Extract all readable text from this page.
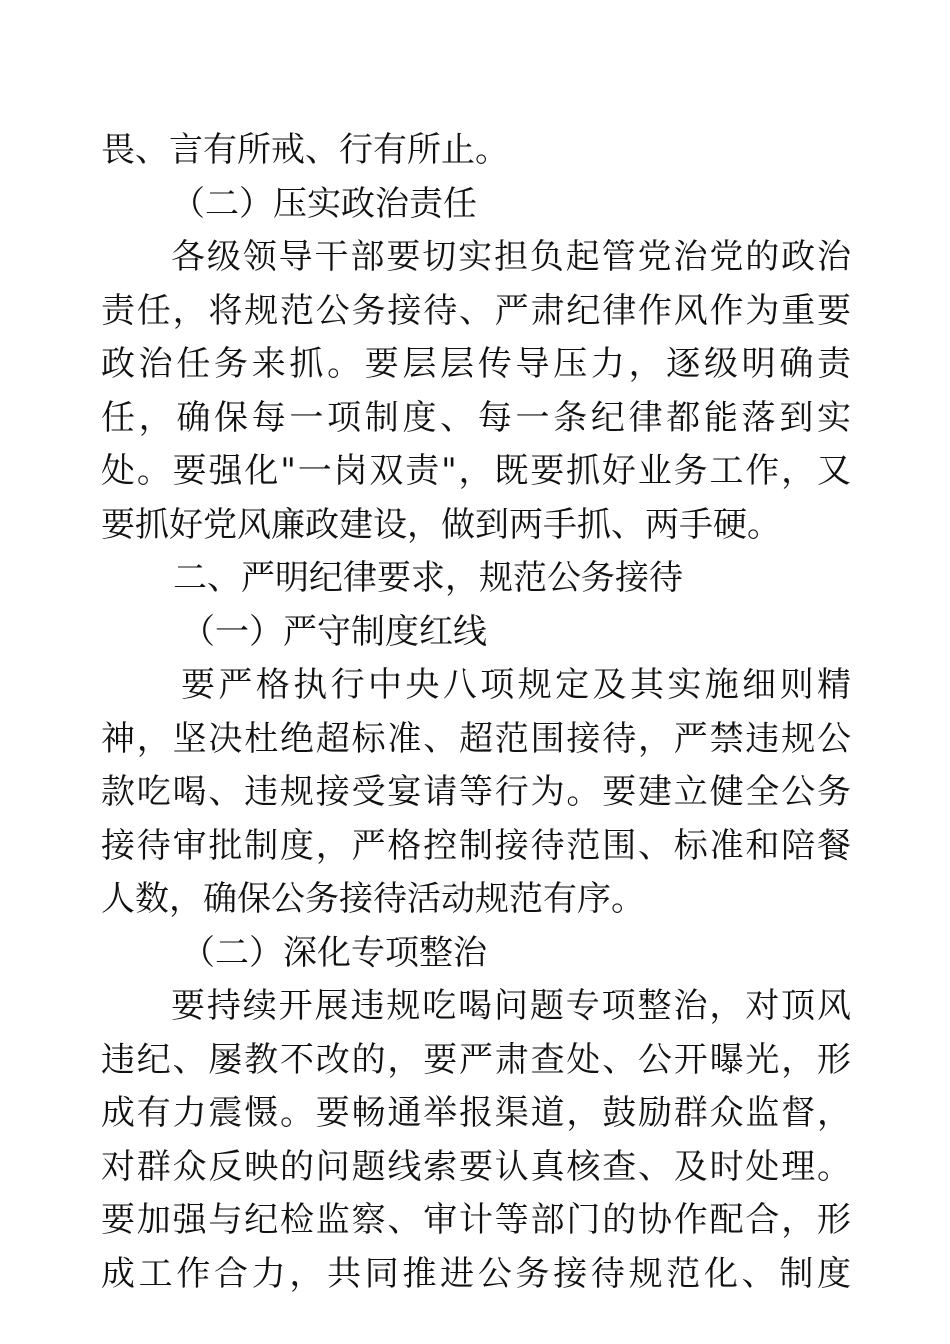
畏、言有所戒、行有所止。
（二）压实政治责任
各级领导干部要切实担负起管党治党的政治
责任，将规范公务接待、严肃纪律作风作为重要
政治任务来抓。要层层传导压力，逐级明确责
任，确保每一项制度、每一条纪律都能落到实
处。要强化"一岗双责"，既要抓好业务工作，又
要抓好党风廉政建设，做到两手抓、两手硬。
二、严明纪律要求，规范公务接待
（一）严守制度红线
要严格执行中央八项规定及其实施细则精
神，坚决杜绝超标准、超范围接待，严禁违规公
款吃喝、违规接受宴请等行为。要建立健全公务
接待审批制度，严格控制接待范围、标准和陪餐
人数，确保公务接待活动规范有序。
（二）深化专项整治
要持续开展违规吃喝问题专项整治，对顶风
违纪、屡教不改的，要严肃查处、公开曝光，形
成有力震慑。要畅通举报渠道，鼓励群众监督，
对群众反映的问题线索要认真核查、及时处理。
要加强与纪检监察、审计等部门的协作配合，形
成工作合力，共同推进公务接待规范化、制度
